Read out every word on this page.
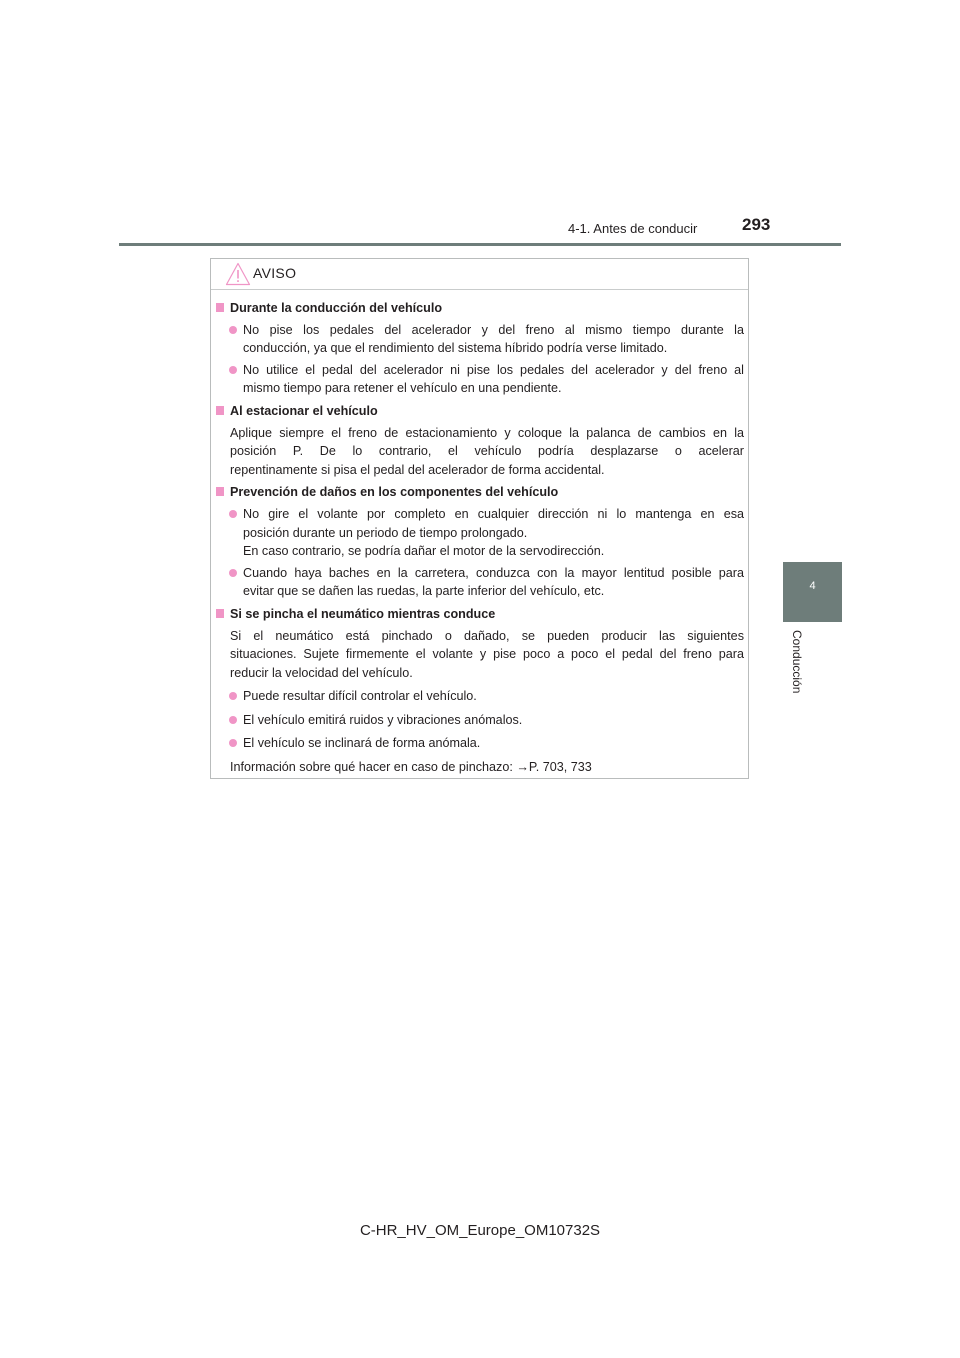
4-1. Antes de conducir	293
4
Conducción
AVISO
Durante la conducción del vehículo
No pise los pedales del acelerador y del freno al mismo tiempo durante la
conducción, ya que el rendimiento del sistema híbrido podría verse limitado.
No utilice el pedal del acelerador ni pise los pedales del acelerador y del freno al
mismo tiempo para retener el vehículo en una pendiente.
Al estacionar el vehículo
Aplique siempre el freno de estacionamiento y coloque la palanca de cambios en la
posición P. De lo contrario, el vehículo podría desplazarse o acelerar
repentinamente si pisa el pedal del acelerador de forma accidental.
Prevención de daños en los componentes del vehículo
No gire el volante por completo en cualquier dirección ni lo mantenga en esa
posición durante un periodo de tiempo prolongado.
En caso contrario, se podría dañar el motor de la servodirección.
Cuando haya baches en la carretera, conduzca con la mayor lentitud posible para
evitar que se dañen las ruedas, la parte inferior del vehículo, etc.
Si se pincha el neumático mientras conduce
Si el neumático está pinchado o dañado, se pueden producir las siguientes
situaciones. Sujete firmemente el volante y pise poco a poco el pedal del freno para
reducir la velocidad del vehículo.
Puede resultar difícil controlar el vehículo.
El vehículo emitirá ruidos y vibraciones anómalos.
El vehículo se inclinará de forma anómala.
Información sobre qué hacer en caso de pinchazo: →P. 703, 733
C-HR_HV_OM_Europe_OM10732S
